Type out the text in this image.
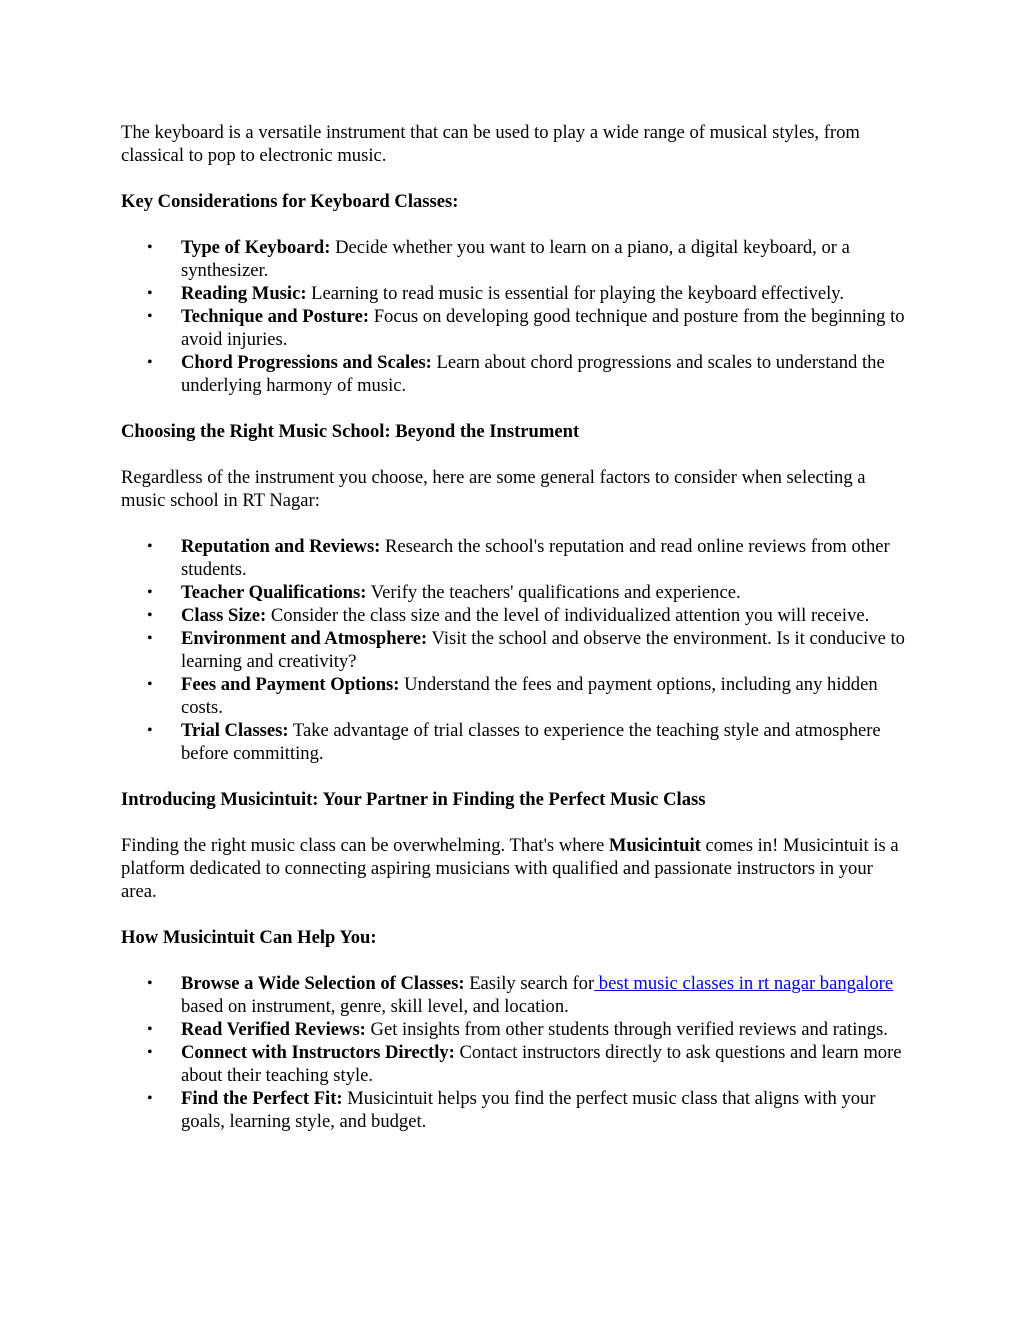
The keyboard is a versatile instrument that can be used to play a wide range of musical styles, from classical to pop to electronic music.

Key Considerations for Keyboard Classes:

• Type of Keyboard: Decide whether you want to learn on a piano, a digital keyboard, or a synthesizer.
• Reading Music: Learning to read music is essential for playing the keyboard effectively.
• Technique and Posture: Focus on developing good technique and posture from the beginning to avoid injuries.
• Chord Progressions and Scales: Learn about chord progressions and scales to understand the underlying harmony of music.

Choosing the Right Music School: Beyond the Instrument

Regardless of the instrument you choose, here are some general factors to consider when selecting a music school in RT Nagar:

• Reputation and Reviews: Research the school's reputation and read online reviews from other students.
• Teacher Qualifications: Verify the teachers' qualifications and experience.
• Class Size: Consider the class size and the level of individualized attention you will receive.
• Environment and Atmosphere: Visit the school and observe the environment. Is it conducive to learning and creativity?
• Fees and Payment Options: Understand the fees and payment options, including any hidden costs.
• Trial Classes: Take advantage of trial classes to experience the teaching style and atmosphere before committing.

Introducing Musicintuit: Your Partner in Finding the Perfect Music Class

Finding the right music class can be overwhelming. That's where Musicintuit comes in! Musicintuit is a platform dedicated to connecting aspiring musicians with qualified and passionate instructors in your area.

How Musicintuit Can Help You:

• Browse a Wide Selection of Classes: Easily search for best music classes in rt nagar bangalore based on instrument, genre, skill level, and location.
• Read Verified Reviews: Get insights from other students through verified reviews and ratings.
• Connect with Instructors Directly: Contact instructors directly to ask questions and learn more about their teaching style.
• Find the Perfect Fit: Musicintuit helps you find the perfect music class that aligns with your goals, learning style, and budget.
